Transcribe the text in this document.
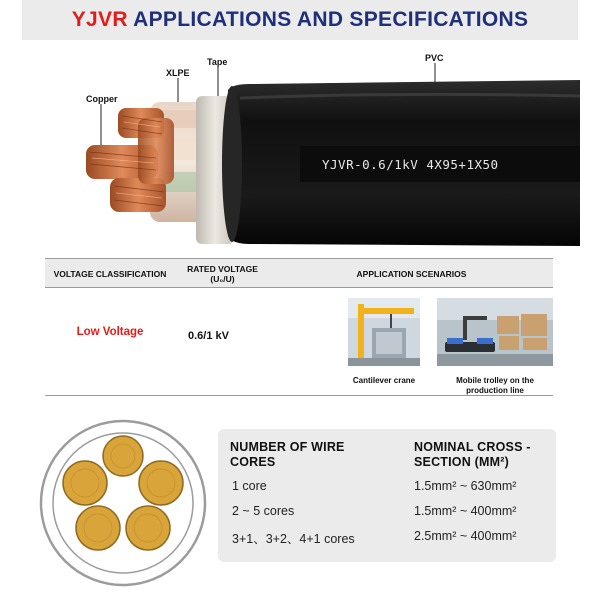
YJVR APPLICATIONS AND SPECIFICATIONS
Copper
XLPE
Tape	PVC
YJVR-0.6/1kV 4X95+1X50
VOLTAGE CLASSIFICATION	RATED VOLTAGE (U₀/U)	APPLICATION SCENARIOS
Low Voltage	0.6/1 kV
Cantilever crane	Mobile trolley on the production line
NUMBER OF WIRE CORES
NOMINAL CROSS -SECTION (MM²)
1 core	1.5mm² ~ 630mm²
2 ~ 5 cores	1.5mm² ~ 400mm²
3+1、3+2、4+1 cores	2.5mm² ~ 400mm²
